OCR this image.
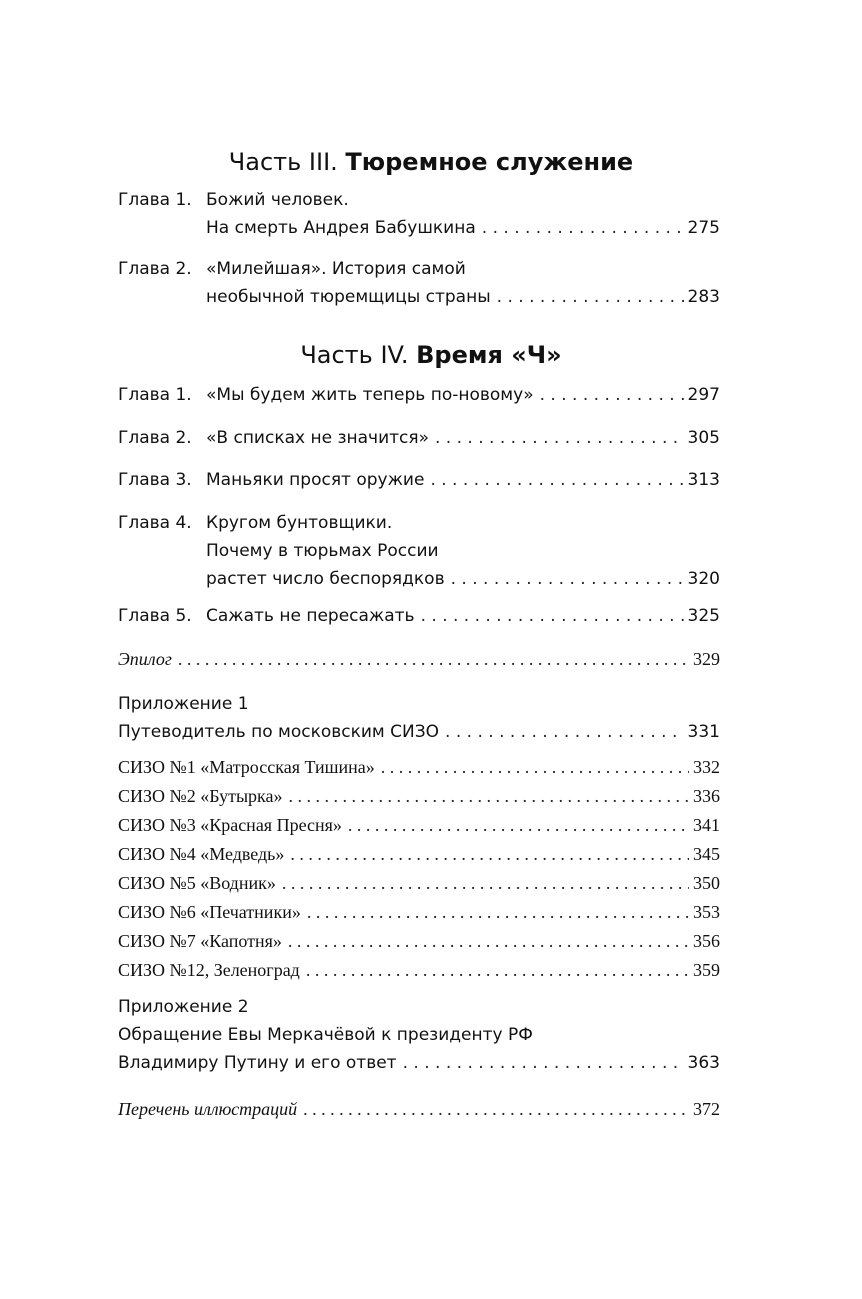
Часть III. Тюремное служение
Глава 1. Божий человек.
На смерть Андрея Бабушкина . . .	275
Глава 2. «Милейшая». История самой
необычной тюремщицы страны . . .	283
Часть IV. Время «Ч»
Глава 1. «Мы будем жить теперь по-новому» . . .	297
Глава 2. «В списках не значится» . . .	305
Глава 3. Маньяки просят оружие . . .	313
Глава 4. Кругом бунтовщики.
Почему в тюрьмах России
растет число беспорядков . . .	320
Глава 5. Сажать не пересажать . . .	325
Эпилог . . .	329
Приложение 1
Путеводитель по московским СИЗО . . .	331
СИЗО №1 «Матросская Тишина» . . .	332
СИЗО №2 «Бутырка» . . .	336
СИЗО №3 «Красная Пресня» . . .	341
СИЗО №4 «Медведь» . . .	345
СИЗО №5 «Водник» . . .	350
СИЗО №6 «Печатники» . . .	353
СИЗО №7 «Капотня» . . .	356
СИЗО №12, Зеленоград . . .	359
Приложение 2
Обращение Евы Меркачёвой к президенту РФ
Владимиру Путину и его ответ . . .	363
Перечень иллюстраций . . .	372
